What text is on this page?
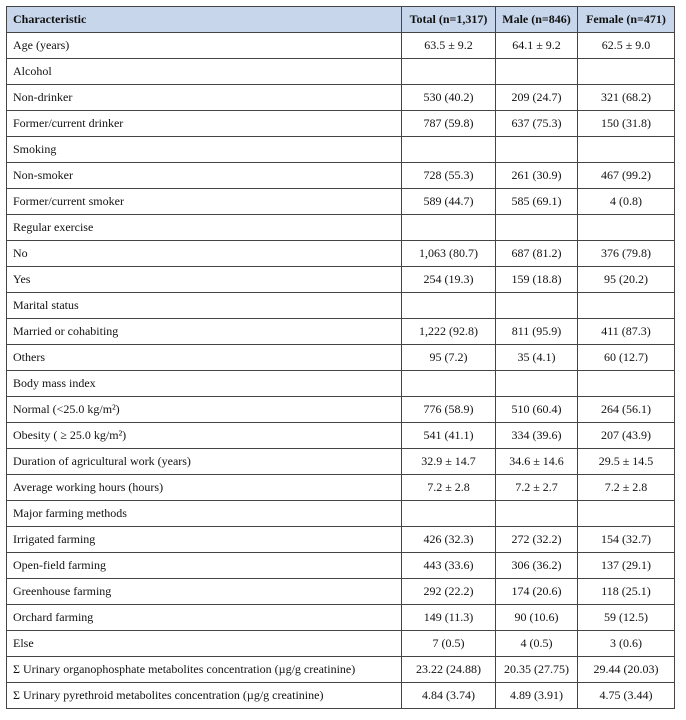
Characteristic	Total (n=1,317)	Male (n=846)	Female (n=471)
Age (years)	63.5 ± 9.2	64.1 ± 9.2	62.5 ± 9.0
Alcohol			
Non-drinker	530 (40.2)	209 (24.7)	321 (68.2)
Former/current drinker	787 (59.8)	637 (75.3)	150 (31.8)
Smoking			
Non-smoker	728 (55.3)	261 (30.9)	467 (99.2)
Former/current smoker	589 (44.7)	585 (69.1)	4 (0.8)
Regular exercise			
No	1,063 (80.7)	687 (81.2)	376 (79.8)
Yes	254 (19.3)	159 (18.8)	95 (20.2)
Marital status			
Married or cohabiting	1,222 (92.8)	811 (95.9)	411 (87.3)
Others	95 (7.2)	35 (4.1)	60 (12.7)
Body mass index			
Normal (<25.0 kg/m²)	776 (58.9)	510 (60.4)	264 (56.1)
Obesity ( ≥ 25.0 kg/m²)	541 (41.1)	334 (39.6)	207 (43.9)
Duration of agricultural work (years)	32.9 ± 14.7	34.6 ± 14.6	29.5 ± 14.5
Average working hours (hours)	7.2 ± 2.8	7.2 ± 2.7	7.2 ± 2.8
Major farming methods			
Irrigated farming	426 (32.3)	272 (32.2)	154 (32.7)
Open-field farming	443 (33.6)	306 (36.2)	137 (29.1)
Greenhouse farming	292 (22.2)	174 (20.6)	118 (25.1)
Orchard farming	149 (11.3)	90 (10.6)	59 (12.5)
Else	7 (0.5)	4 (0.5)	3 (0.6)
Σ Urinary organophosphate metabolites concentration (µg/g creatinine)	23.22 (24.88)	20.35 (27.75)	29.44 (20.03)
Σ Urinary pyrethroid metabolites concentration (µg/g creatinine)	4.84 (3.74)	4.89 (3.91)	4.75 (3.44)
